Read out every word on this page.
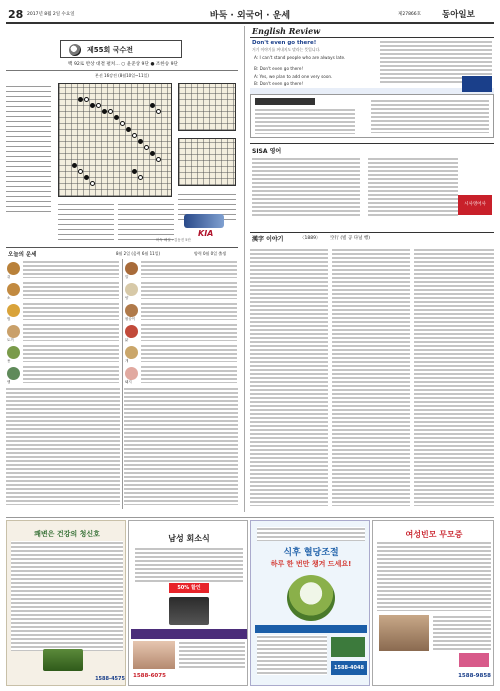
28 2017년 8월 2일 수요일	바둑 · 외국어 · 운세	제27866호 동아일보
제55회 국수전
백 92로 반상 대결 펼쳐… ○ 윤준상 9단 ● 조한승 9단
본선 16강전 (8월10일~11일)
바둑 해설 : 김동진 5단
KIA
오늘의 운세	8월 2일 (음력 6월 11일)	양력 0월 0일 출생
쥐
소
범
토끼
용
뱀
말
양
원숭이
닭
개
돼지
English Review
Don't even go there!
거기 이야기를 꺼내지도 말라는 뜻입니다.
A: I can't stand people who are always late.
B: Don't even go there!
A: Yes, we plan to add one very soon.
B: Don't even go there!
SISA 영어
시사영어사
漢字 이야기	〈1889〉 空行 (빌 공 다닐 행)
쾌변은 건강의 청신호
1588-4575
남성 회소식
50% 할인
1588-6075
식후 혈당조절
하루 한 번만 챙겨 드세요!
1588-4048
여성빈모 무모증
1588-9858
